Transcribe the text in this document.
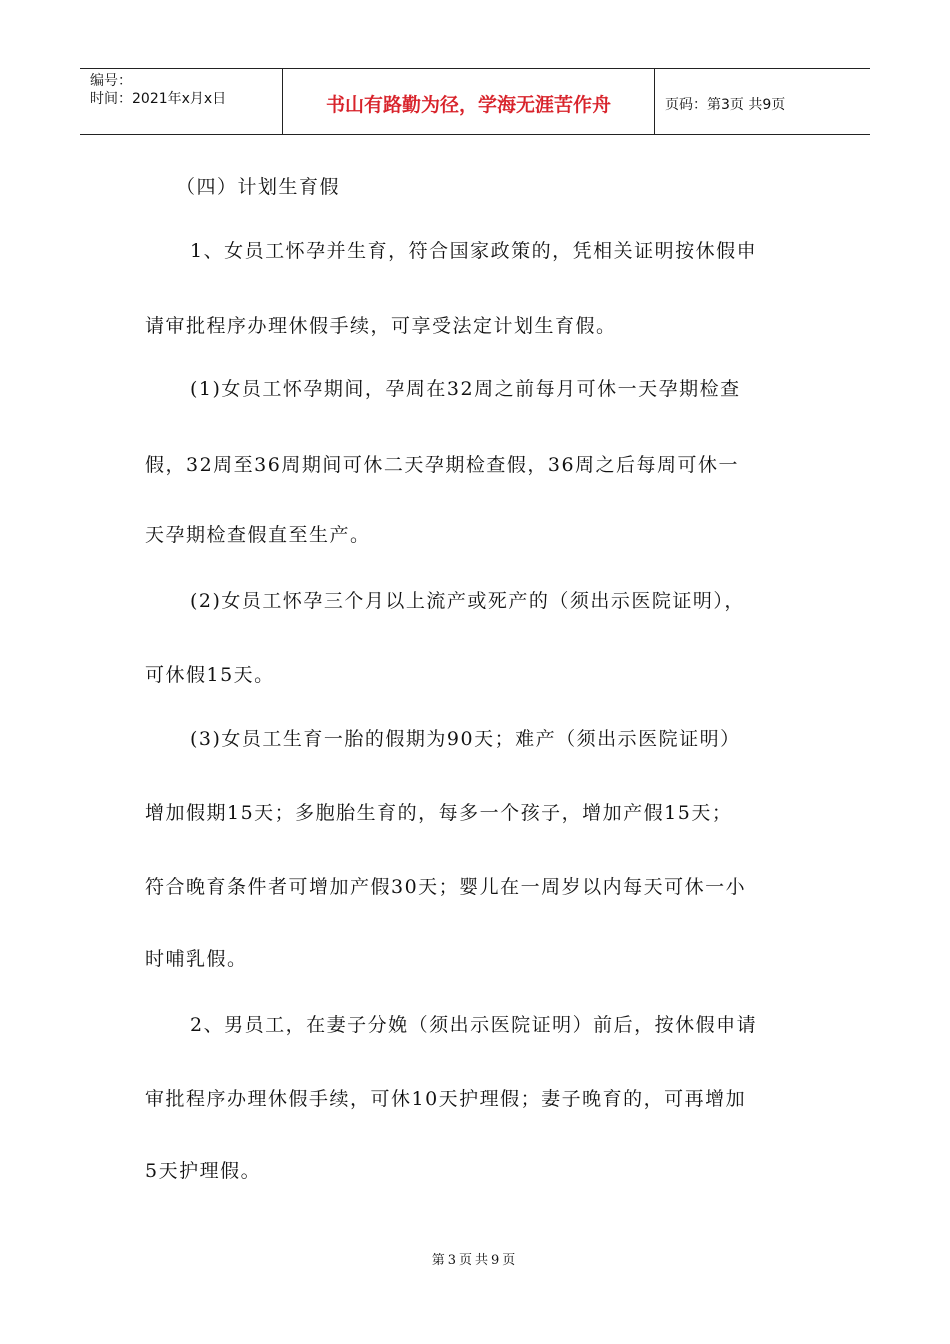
编号：
时间：2021年x月x日	书山有路勤为径，学海无涯苦作舟	页码：第3页 共9页

（四）计划生育假

1、女员工怀孕并生育，符合国家政策的，凭相关证明按休假申

请审批程序办理休假手续，可享受法定计划生育假。

(1)女员工怀孕期间，孕周在32周之前每月可休一天孕期检查

假，32周至36周期间可休二天孕期检查假，36周之后每周可休一

天孕期检查假直至生产。

(2)女员工怀孕三个月以上流产或死产的（须出示医院证明），

可休假15天。

(3)女员工生育一胎的假期为90天；难产（须出示医院证明）

增加假期15天；多胞胎生育的，每多一个孩子，增加产假15天；

符合晚育条件者可增加产假30天；婴儿在一周岁以内每天可休一小

时哺乳假。

2、男员工，在妻子分娩（须出示医院证明）前后，按休假申请

审批程序办理休假手续，可休10天护理假；妻子晚育的，可再增加

5天护理假。

第3页共9页
